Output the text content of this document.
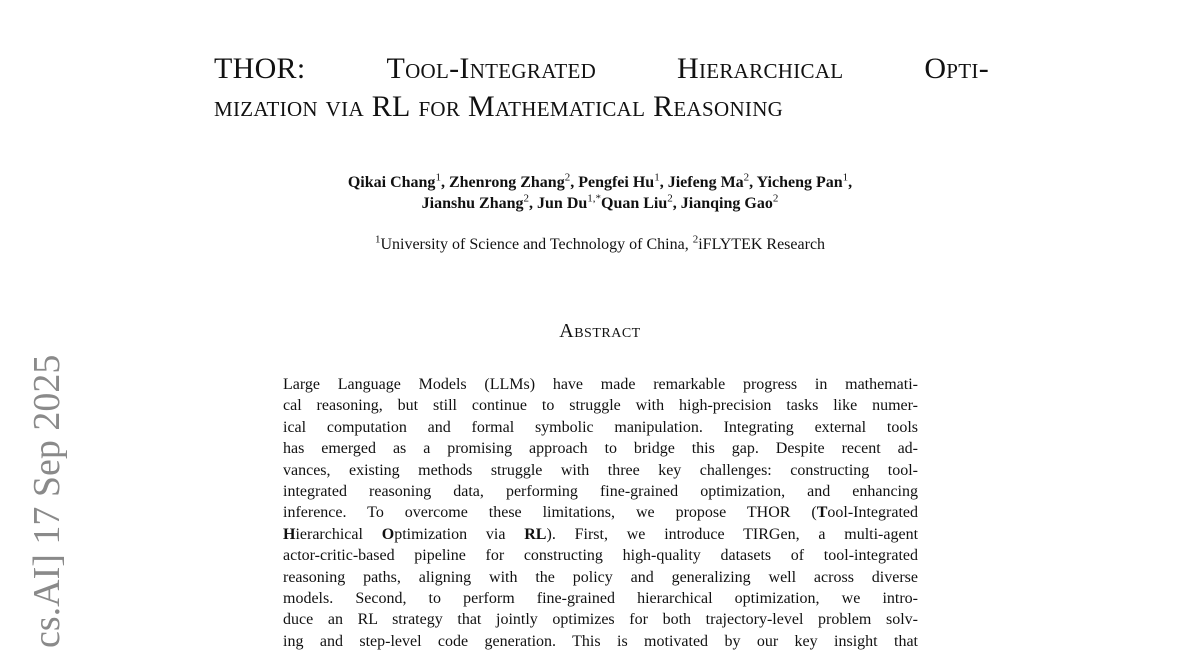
cs.AI] 17 Sep 2025
THOR: Tool-Integrated Hierarchical Opti-
mization via RL for Mathematical Reasoning
Qikai Chang$^1$, Zhenrong Zhang$^2$, Pengfei Hu$^1$, Jiefeng Ma$^2$, Yicheng Pan$^1$,
Jianshu Zhang$^2$, Jun $Du^{1,*}Quan$ Liu$^2$, Jianqing Gao$^2$
$^1$University of Science and Technology of China, $^2$iFLYTEK Research
Abstract
Large Language Models (LLMs) have made remarkable progress in mathemati-
cal reasoning, but still continue to struggle with high-precision tasks like numer-
ical computation and formal symbolic manipulation. Integrating external tools
has emerged as a promising approach to bridge this gap. Despite recent ad-
vances, existing methods struggle with three key challenges: constructing tool-
integrated reasoning data, performing fine-grained optimization, and enhancing
inference. To overcome these limitations, we propose THOR (Tool-Integrated
Hierarchical Optimization via RL). First, we introduce TIRGen, a multi-agent
actor-critic-based pipeline for constructing high-quality datasets of tool-integrated
reasoning paths, aligning with the policy and generalizing well across diverse
models. Second, to perform fine-grained hierarchical optimization, we intro-
duce an RL strategy that jointly optimizes for both trajectory-level problem solv-
ing and step-level code generation. This is motivated by our key insight that
